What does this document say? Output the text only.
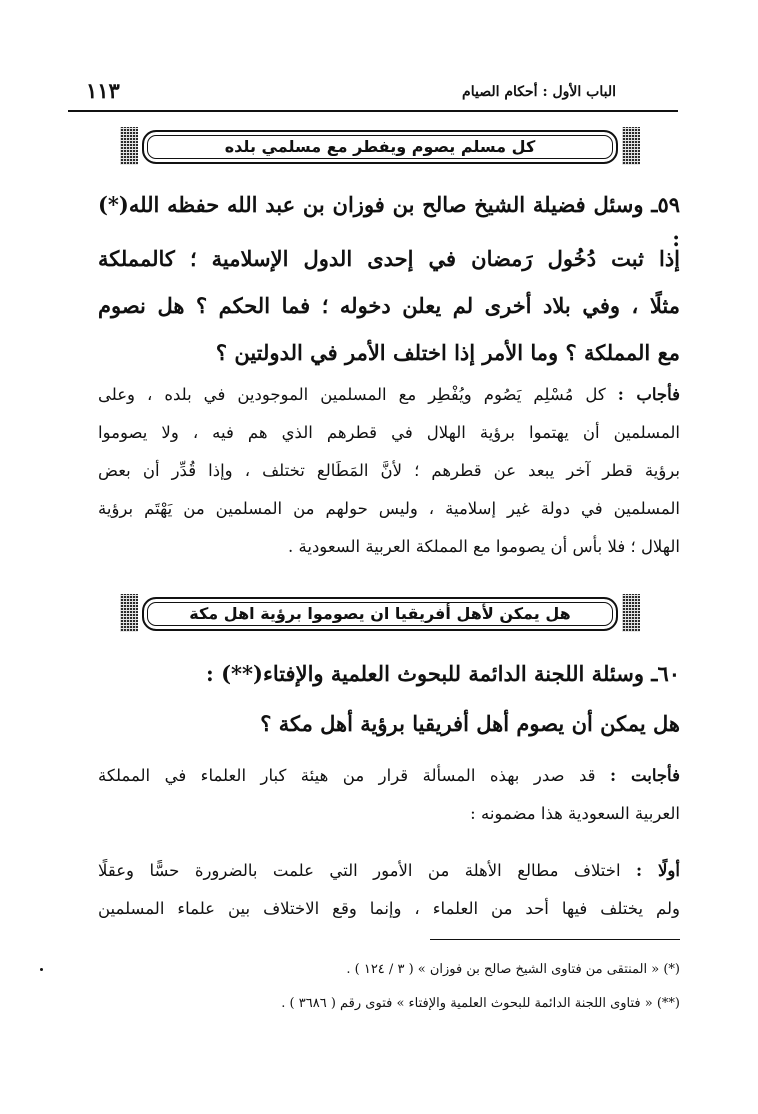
١١٣	الباب الأول : أحكام الصيام
كل مسلم يصوم ويفطر مع مسلمي بلده
٥٩ـ وسئل فضيلة الشيخ صالح بن فوزان بن عبد الله حفظه الله(*) :
إذا ثبت دُخُول رَمضان في إحدى الدول الإسلامية ؛ كالمملكة
مثلًا ، وفي بلاد أخرى لم يعلن دخوله ؛ فما الحكم ؟ هل نصوم
مع المملكة ؟ وما الأمر إذا اختلف الأمر في الدولتين ؟
فأجاب : كل مُسْلِم يَصُوم ويُفْطِر مع المسلمين الموجودين في بلده ، وعلى
المسلمين أن يهتموا برؤية الهلال في قطرهم الذي هم فيه ، ولا يصوموا
برؤية قطر آخر يبعد عن قطرهم ؛ لأنَّ المَطَالع تختلف ، وإذا قُدِّر أن بعض
المسلمين في دولة غير إسلامية ، وليس حولهم من المسلمين من يَهْتَم برؤية
الهلال ؛ فلا بأس أن يصوموا مع المملكة العربية السعودية .
هل يمكن لأهل أفريقيا ان يصوموا برؤية اهل مكة
٦٠ـ وسئلة اللجنة الدائمة للبحوث العلمية والإفتاء(**) :
هل يمكن أن يصوم أهل أفريقيا برؤية أهل مكة ؟
فأجابت : قد صدر بهذه المسألة قرار من هيئة كبار العلماء في المملكة
العربية السعودية هذا مضمونه :
أولًا : اختلاف مطالع الأهلة من الأمور التي علمت بالضرورة حسًّا وعقلًا
ولم يختلف فيها أحد من العلماء ، وإنما وقع الاختلاف بين علماء المسلمين
(*) « المنتقى من فتاوى الشيخ صالح بن فوزان » ( ٣ / ١٢٤ ) .
(**) « فتاوى اللجنة الدائمة للبحوث العلمية والإفتاء » فتوى رقم ( ٣٦٨٦ ) .
